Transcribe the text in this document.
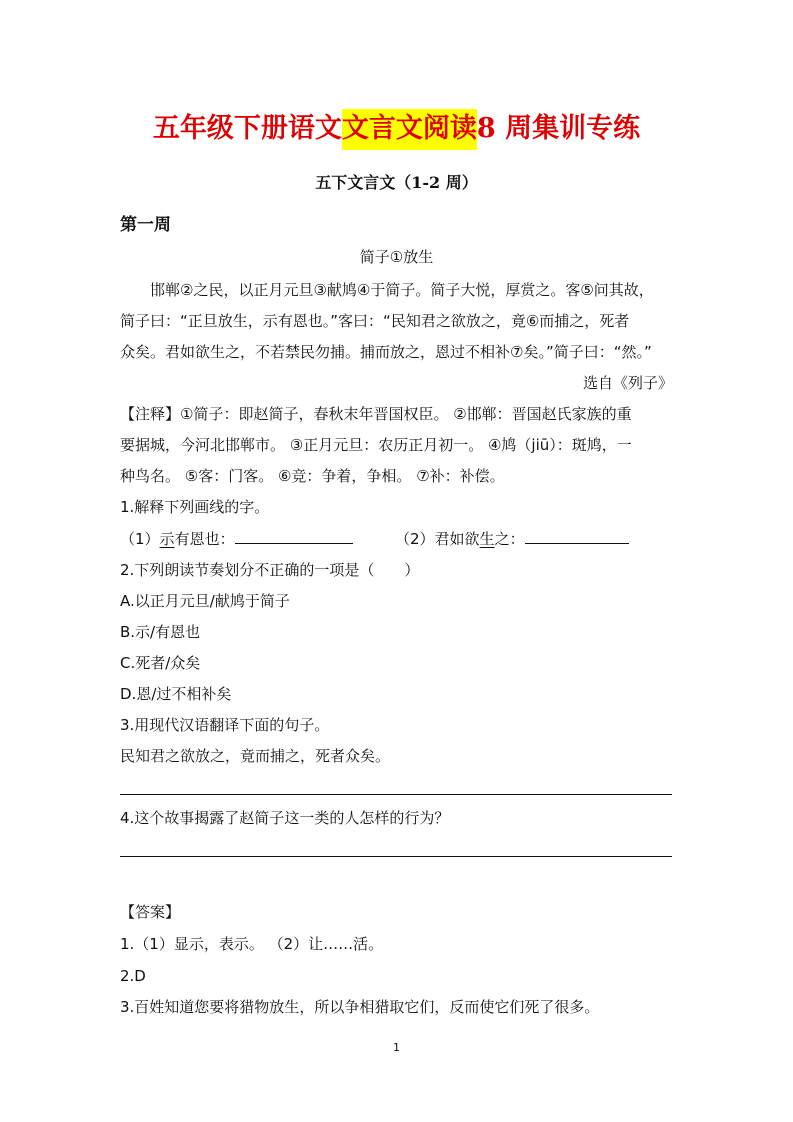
五年级下册语文文言文阅读8 周集训专练
五下文言文（1-2 周）
第一周
简子①放生
邯郸②之民，以正月元旦③献鸠④于简子。简子大悦，厚赏之。客⑤问其故，
简子曰：“正旦放生，示有恩也。”客曰：“民知君之欲放之，竟⑥而捕之，死者
众矣。君如欲生之，不若禁民勿捕。捕而放之，恩过不相补⑦矣。”简子曰：“然。”
选自《列子》
【注释】①简子：即赵简子，春秋末年晋国权臣。 ②邯郸：晋国赵氏家族的重
要据城，今河北邯郸市。 ③正月元旦：农历正月初一。 ④鸠（jiū）：斑鸠，一
种鸟名。 ⑤客：门客。 ⑥竞：争着，争相。 ⑦补：补偿。
1.解释下列画线的字。
（1）示有恩也：	（2）君如欲生之：
2.下列朗读节奏划分不正确的一项是（　　）
A.以正月元旦/献鸠于简子
B.示/有恩也
C.死者/众矣
D.恩/过不相补矣
3.用现代汉语翻译下面的句子。
民知君之欲放之，竟而捕之，死者众矣。
4.这个故事揭露了赵简子这一类的人怎样的行为？
【答案】
1.（1）显示，表示。 （2）让……活。
2.D
3.百姓知道您要将猎物放生，所以争相猎取它们，反而使它们死了很多。
1
